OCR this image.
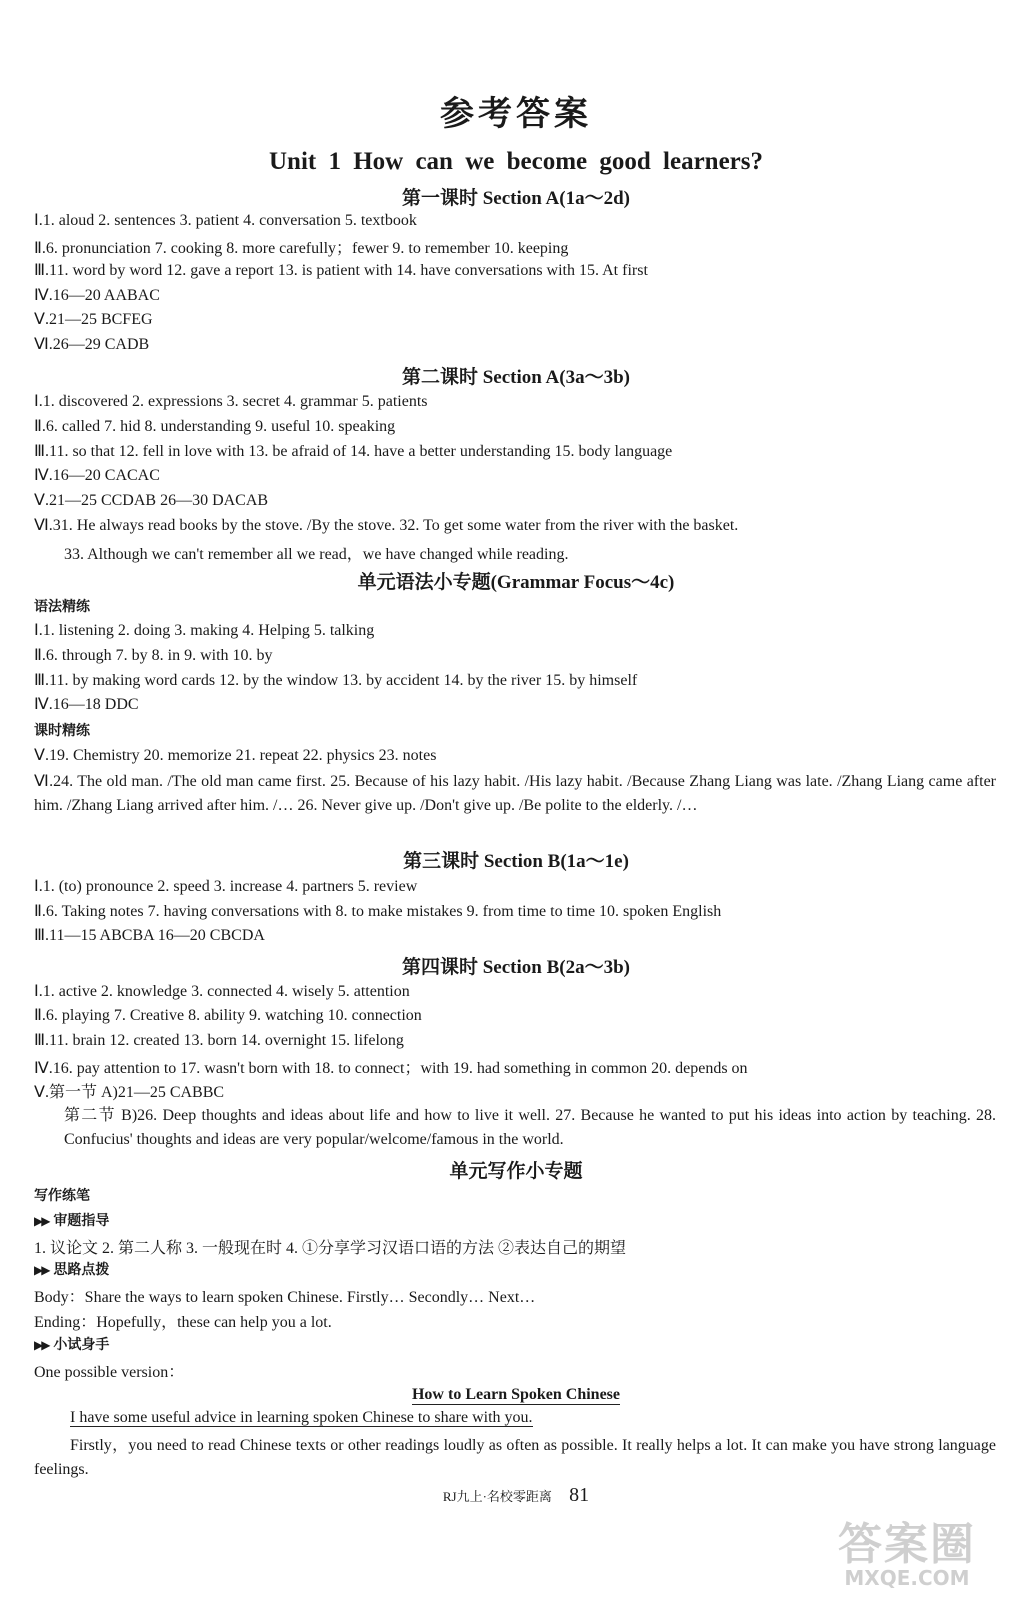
参考答案
Unit 1 How can we become good learners?
第一课时 Section A(1a～2d)
Ⅰ.1. aloud 2. sentences 3. patient 4. conversation 5. textbook
Ⅱ.6. pronunciation 7. cooking 8. more carefully；fewer 9. to remember 10. keeping
Ⅲ.11. word by word 12. gave a report 13. is patient with 14. have conversations with 15. At first
Ⅳ.16—20 AABAC
Ⅴ.21—25 BCFEG
Ⅵ.26—29 CADB
第二课时 Section A(3a～3b)
Ⅰ.1. discovered 2. expressions 3. secret 4. grammar 5. patients
Ⅱ.6. called 7. hid 8. understanding 9. useful 10. speaking
Ⅲ.11. so that 12. fell in love with 13. be afraid of 14. have a better understanding 15. body language
Ⅳ.16—20 CACAC
Ⅴ.21—25 CCDAB 26—30 DACAB
Ⅵ.31. He always read books by the stove. /By the stove. 32. To get some water from the river with the basket.
33. Although we can't remember all we read，we have changed while reading.
单元语法小专题(Grammar Focus～4c)
语法精练
Ⅰ.1. listening 2. doing 3. making 4. Helping 5. talking
Ⅱ.6. through 7. by 8. in 9. with 10. by
Ⅲ.11. by making word cards 12. by the window 13. by accident 14. by the river 15. by himself
Ⅳ.16—18 DDC
课时精练
Ⅴ.19. Chemistry 20. memorize 21. repeat 22. physics 23. notes
Ⅵ.24. The old man. /The old man came first. 25. Because of his lazy habit. /His lazy habit. /Because Zhang Liang was late. /Zhang Liang came after him. /Zhang Liang arrived after him. /… 26. Never give up. /Don't give up. /Be polite to the elderly. /…
第三课时 Section B(1a～1e)
Ⅰ.1. (to) pronounce 2. speed 3. increase 4. partners 5. review
Ⅱ.6. Taking notes 7. having conversations with 8. to make mistakes 9. from time to time 10. spoken English
Ⅲ.11—15 ABCBA 16—20 CBCDA
第四课时 Section B(2a～3b)
Ⅰ.1. active 2. knowledge 3. connected 4. wisely 5. attention
Ⅱ.6. playing 7. Creative 8. ability 9. watching 10. connection
Ⅲ.11. brain 12. created 13. born 14. overnight 15. lifelong
Ⅳ.16. pay attention to 17. wasn't born with 18. to connect；with 19. had something in common 20. depends on
Ⅴ.第一节 A)21—25 CABBC
第二节 B)26. Deep thoughts and ideas about life and how to live it well. 27. Because he wanted to put his ideas into action by teaching. 28. Confucius' thoughts and ideas are very popular/welcome/famous in the world.
单元写作小专题
写作练笔
▶▶ 审题指导
1. 议论文 2. 第二人称 3. 一般现在时 4. ①分享学习汉语口语的方法 ②表达自己的期望
▶▶ 思路点拨
Body：Share the ways to learn spoken Chinese. Firstly… Secondly… Next…
Ending：Hopefully，these can help you a lot.
▶▶ 小试身手
One possible version：
How to Learn Spoken Chinese
I have some useful advice in learning spoken Chinese to share with you.
Firstly，you need to read Chinese texts or other readings loudly as often as possible. It really helps a lot. It can make you have strong language feelings.
RJ九上·名校零距离 81
答案圈
MXQE.COM
